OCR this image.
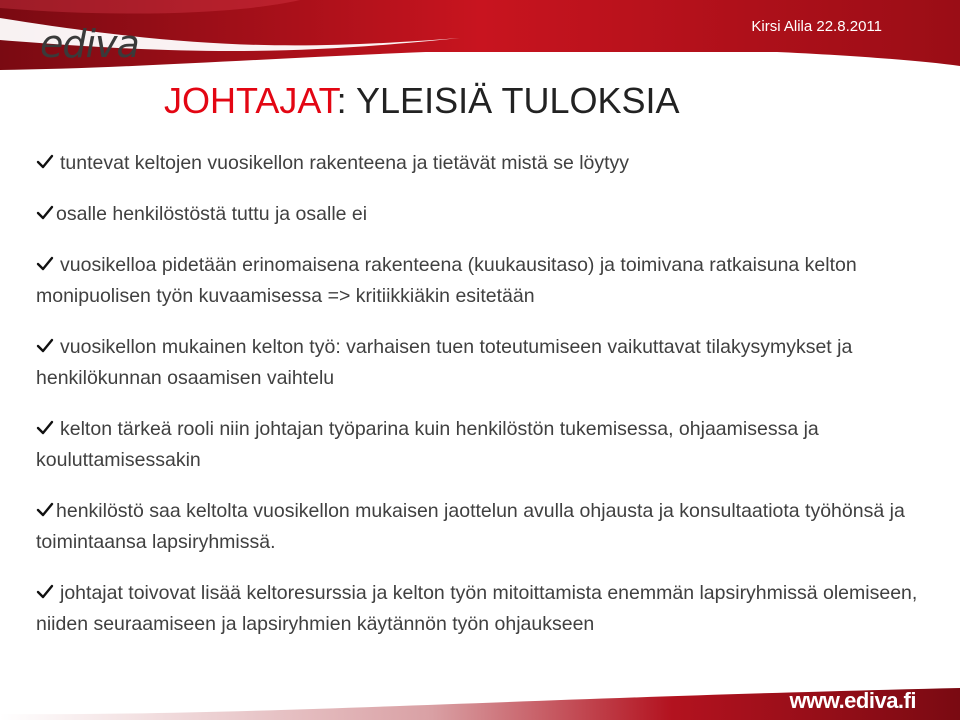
ediva	Kirsi Alila 22.8.2011
JOHTAJAT: YLEISIÄ TULOKSIA
tuntevat keltojen vuosikellon rakenteena ja tietävät mistä se löytyy
osalle henkilöstöstä tuttu ja osalle ei
vuosikelloa pidetään erinomaisena rakenteena (kuukausitaso) ja toimivana ratkaisuna kelton monipuolisen työn kuvaamisessa => kritiikkiäkin esitetään
vuosikellon mukainen kelton työ: varhaisen tuen toteutumiseen vaikuttavat tilakysymykset ja henkilökunnan osaamisen vaihtelu
kelton tärkeä rooli niin johtajan työparina kuin henkilöstön tukemisessa, ohjaamisessa ja kouluttamisessakin
henkilöstö saa keltolta vuosikellon mukaisen jaottelun avulla ohjausta ja konsultaatiota työhönsä ja toimintaansa lapsiryhmissä.
johtajat toivovat lisää keltoresurssia ja kelton työn mitoittamista enemmän lapsiryhmissä olemiseen, niiden seuraamiseen ja lapsiryhmien käytännön työn ohjaukseen
www.ediva.fi
